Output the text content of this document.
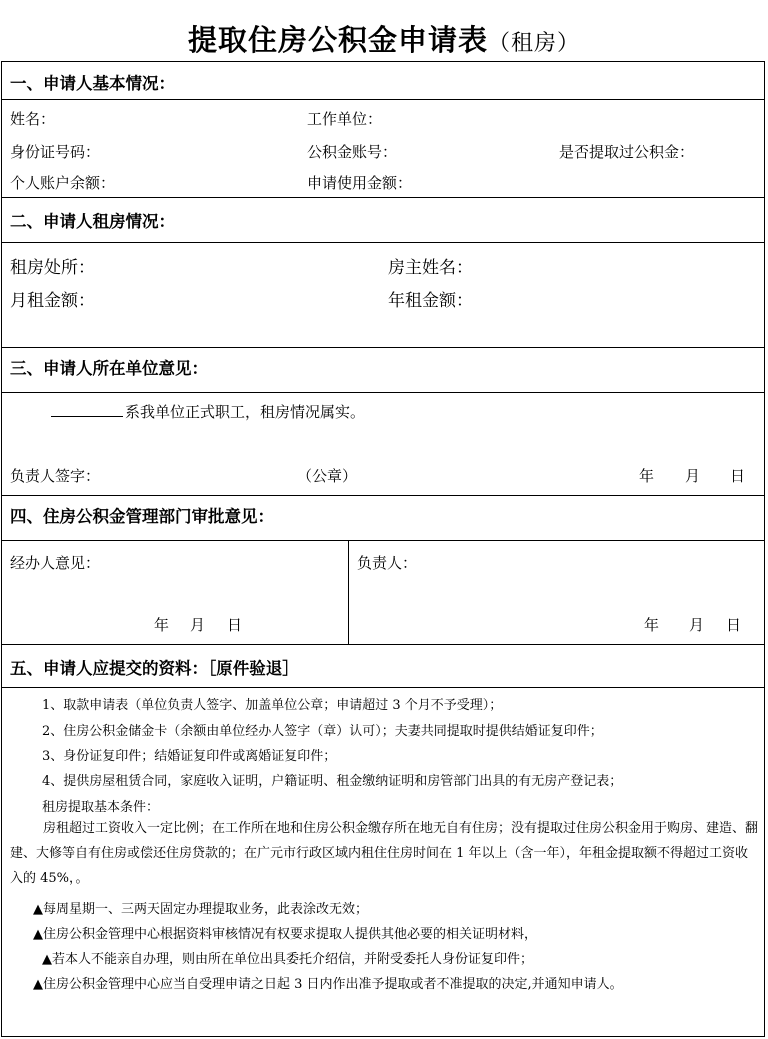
提取住房公积金申请表（租房）
一、申请人基本情况：
姓名：	工作单位：
身份证号码：	公积金账号：	是否提取过公积金：
个人账户余额：	申请使用金额：
二、申请人租房情况：
租房处所：	房主姓名：
月租金额：	年租金额：
三、申请人所在单位意见：
系我单位正式职工，租房情况属实。
负责人签字：	（公章）	年 月 日
四、住房公积金管理部门审批意见：
经办人意见：	负责人：
年 月 日	年 月 日
五、申请人应提交的资料：［原件验退］
1、取款申请表（单位负责人签字、加盖单位公章；申请超过 3 个月不予受理）；
2、住房公积金储金卡（余额由单位经办人签字（章）认可）；夫妻共同提取时提供结婚证复印件；
3、身份证复印件；结婚证复印件或离婚证复印件；
4、提供房屋租赁合同，家庭收入证明，户籍证明、租金缴纳证明和房管部门出具的有无房产登记表；
租房提取基本条件：
房租超过工资收入一定比例；在工作所在地和住房公积金缴存所在地无自有住房；没有提取过住房公积金用于购房、建造、翻建、大修等自有住房或偿还住房贷款的；在广元市行政区域内租住住房时间在 1 年以上（含一年），年租金提取额不得超过工资收入的 45%，。
▲每周星期一、三两天固定办理提取业务，此表涂改无效；
▲住房公积金管理中心根据资料审核情况有权要求提取人提供其他必要的相关证明材料，
▲若本人不能亲自办理，则由所在单位出具委托介绍信，并附受委托人身份证复印件；
▲住房公积金管理中心应当自受理申请之日起 3 日内作出准予提取或者不准提取的决定,并通知申请人。
